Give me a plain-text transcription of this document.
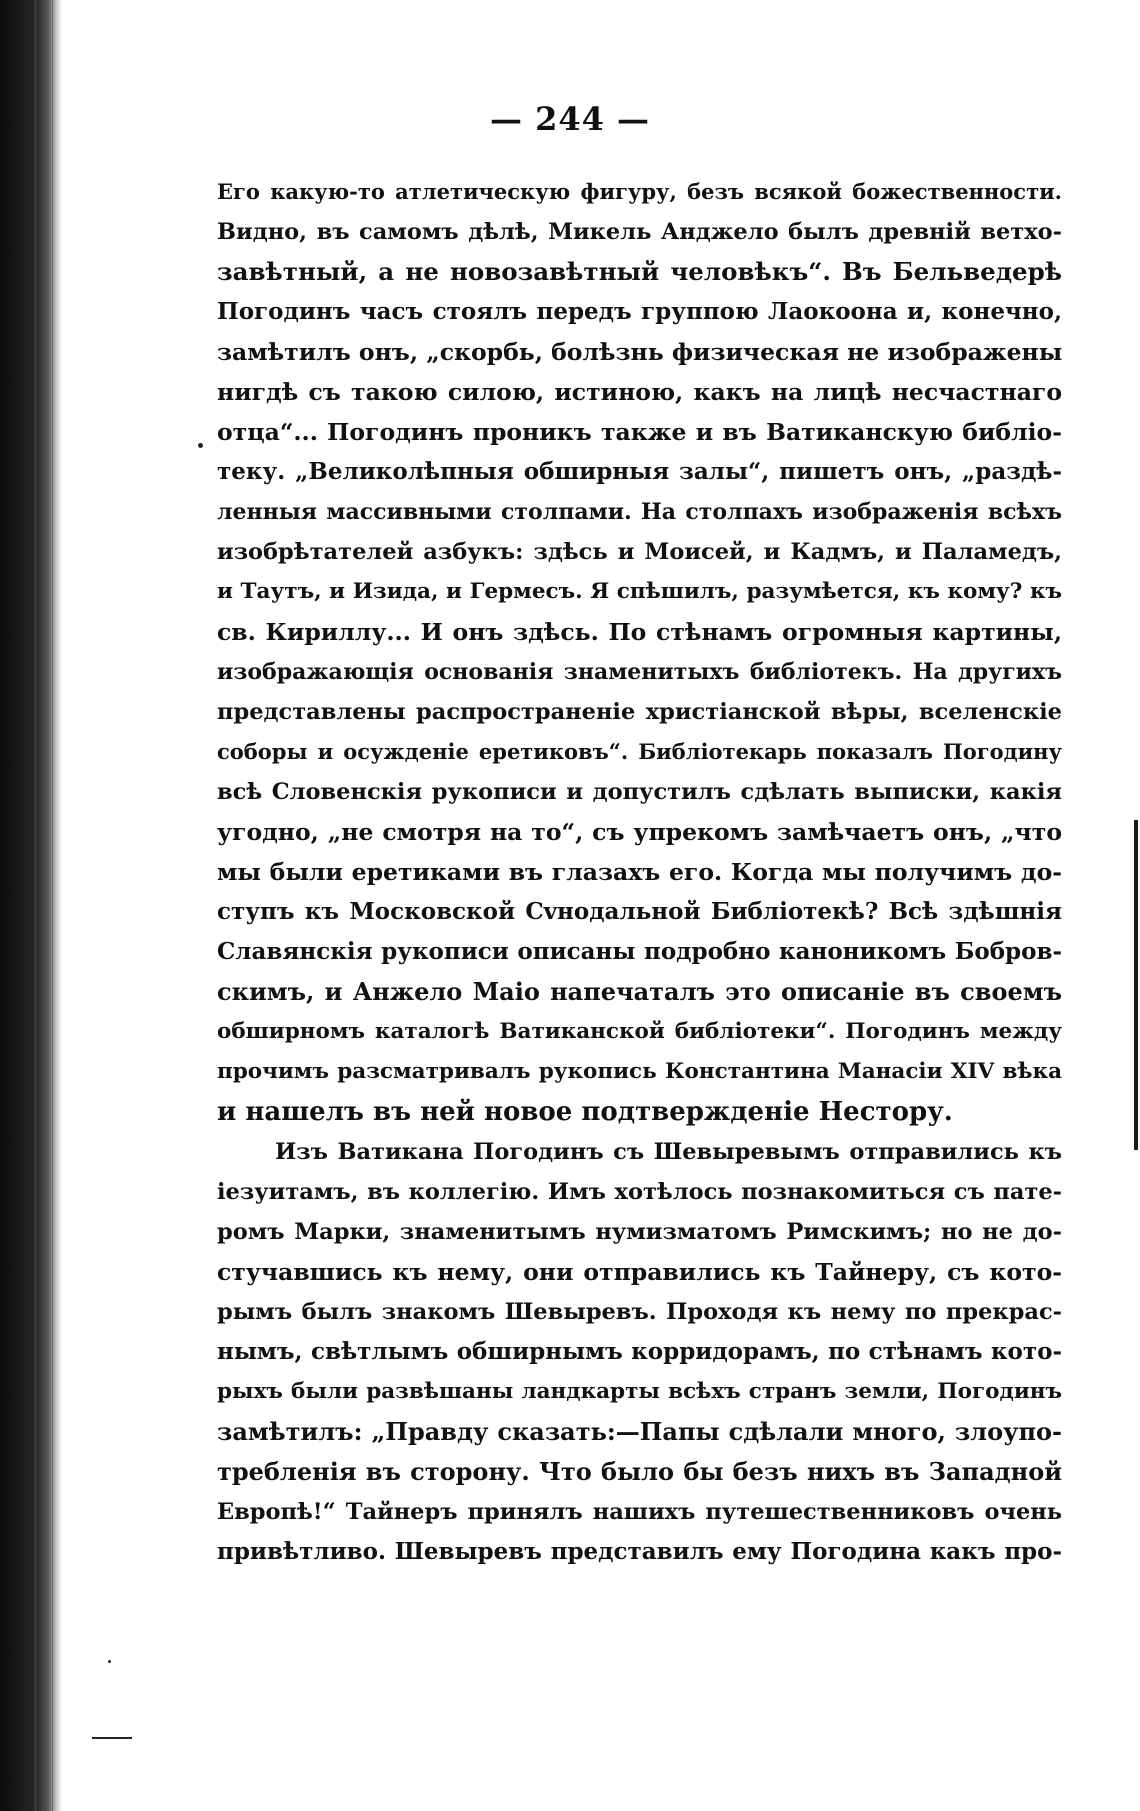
— 244 —
Его какую-то атлетическую фигуру, безъ всякой божественности.
Видно, въ самомъ дѣлѣ, Микель Анджело былъ древній ветхо-
завѣтный, а не новозавѣтный человѣкъ“. Въ Бельведерѣ
Погодинъ часъ стоялъ передъ группою Лаокоона и, конечно,
замѣтилъ онъ, „скорбь, болѣзнь физическая не изображены
нигдѣ съ такою силою, истиною, какъ на лицѣ несчастнаго
отца“... Погодинъ проникъ также и въ Ватиканскую библіо-
теку. „Великолѣпныя обширныя залы“, пишетъ онъ, „раздѣ-
ленныя массивными столпами. На столпахъ изображенія всѣхъ
изобрѣтателей азбукъ: здѣсь и Моисей, и Кадмъ, и Паламедъ,
и Таутъ, и Изида, и Гермесъ. Я спѣшилъ, разумѣется, къ кому? къ
св. Кириллу... И онъ здѣсь. По стѣнамъ огромныя картины,
изображающія основанія знаменитыхъ библіотекъ. На другихъ
представлены распространеніе христіанской вѣры, вселенскіе
соборы и осужденіе еретиковъ“. Библіотекарь показалъ Погодину
всѣ Словенскія рукописи и допустилъ сдѣлать выписки, какія
угодно, „не смотря на то“, съ упрекомъ замѣчаетъ онъ, „что
мы были еретиками въ глазахъ его. Когда мы получимъ до-
ступъ къ Московской Сvнодальной Библіотекѣ? Всѣ здѣшнія
Славянскія рукописи описаны подробно каноникомъ Бобров-
скимъ, и Анжело Маіо напечаталъ это описаніе въ своемъ
обширномъ каталогѣ Ватиканской библіотеки“. Погодинъ между
прочимъ разсматривалъ рукопись Константина Манасіи XIV вѣка
и нашелъ въ ней новое подтвержденіе Нестору.
Изъ Ватикана Погодинъ съ Шевыревымъ отправились къ
іезуитамъ, въ коллегію. Имъ хотѣлось познакомиться съ пате-
ромъ Марки, знаменитымъ нумизматомъ Римскимъ; но не до-
стучавшись къ нему, они отправились къ Тайнеру, съ кото-
рымъ былъ знакомъ Шевыревъ. Проходя къ нему по прекрас-
нымъ, свѣтлымъ обширнымъ корридорамъ, по стѣнамъ кото-
рыхъ были развѣшаны ландкарты всѣхъ странъ земли, Погодинъ
замѣтилъ: „Правду сказать:—Папы сдѣлали много, злоупо-
требленія въ сторону. Что было бы безъ нихъ въ Западной
Европѣ!“ Тайнеръ принялъ нашихъ путешественниковъ очень
привѣтливо. Шевыревъ представилъ ему Погодина какъ про-
